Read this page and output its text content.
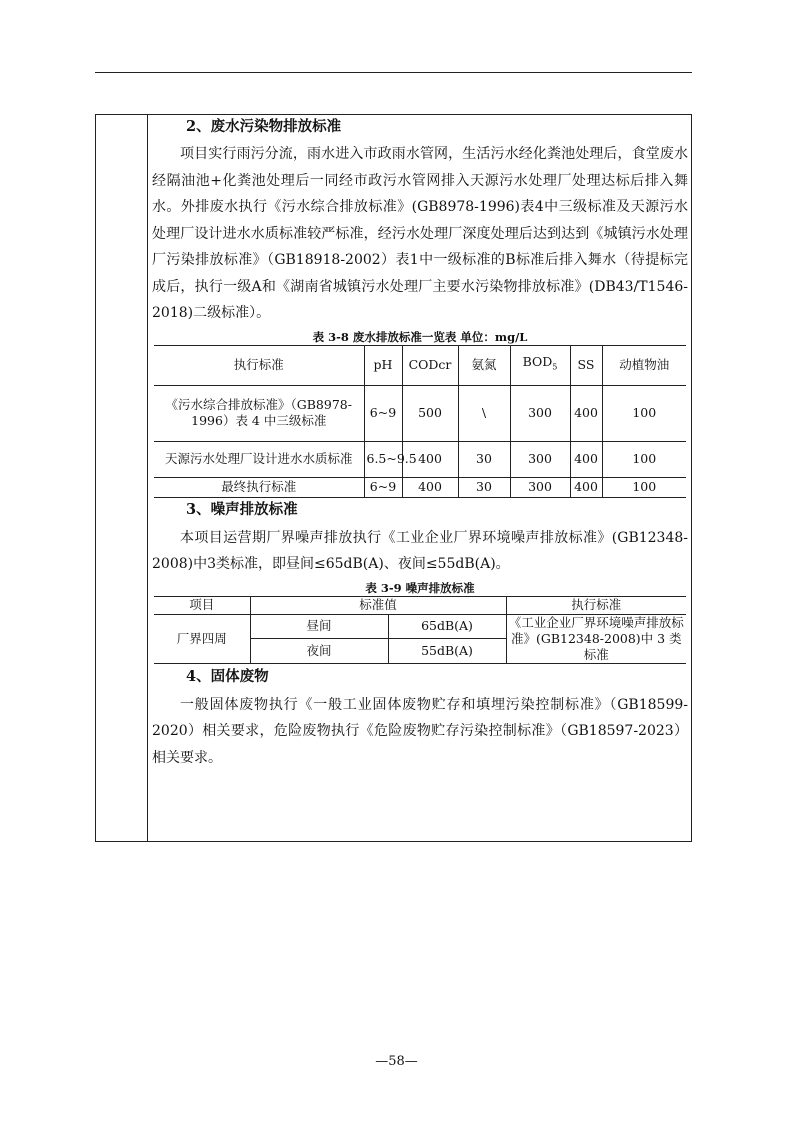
2、废水污染物排放标准

项目实行雨污分流，雨水进入市政雨水管网，生活污水经化粪池处理后，食堂废水经隔油池+化粪池处理后一同经市政污水管网排入天源污水处理厂处理达标后排入舞水。外排废水执行《污水综合排放标准》(GB8978-1996)表4中三级标准及天源污水处理厂设计进水水质标准较严标准，经污水处理厂深度处理后达到达到《城镇污水处理厂污染排放标准》（GB18918-2002）表1中一级标准的B标准后排入舞水（待提标完成后，执行一级A和《湖南省城镇污水处理厂主要水污染物排放标准》(DB43/T1546-2018)二级标准）。

表 3-8 废水排放标准一览表 单位：mg/L

执行标准	pH	CODcr	氨氮	$BOD_5$	SS	动植物油
《污水综合排放标准》（GB8978-1996）表 4 中三级标准	6~9	500	\	300	400	100
天源污水处理厂设计进水水质标准	6.5~9.5	400	30	300	400	100
最终执行标准	6~9	400	30	300	400	100
3、噪声排放标准

本项目运营期厂界噪声排放执行《工业企业厂界环境噪声排放标准》(GB12348-2008)中3类标准，即昼间≤65dB(A)、夜间≤55dB(A)。

表 3-9 噪声排放标准

项目	标准值		执行标准
厂界四周	昼间	65dB(A)	《工业企业厂界环境噪声排放标准》(GB12348-2008)中 3 类标准
	夜间	55dB(A)	
4、固体废物

一般固体废物执行《一般工业固体废物贮存和填埋污染控制标准》（GB18599-2020）相关要求，危险废物执行《危险废物贮存污染控制标准》（GB18597-2023）相关要求。

—58—
